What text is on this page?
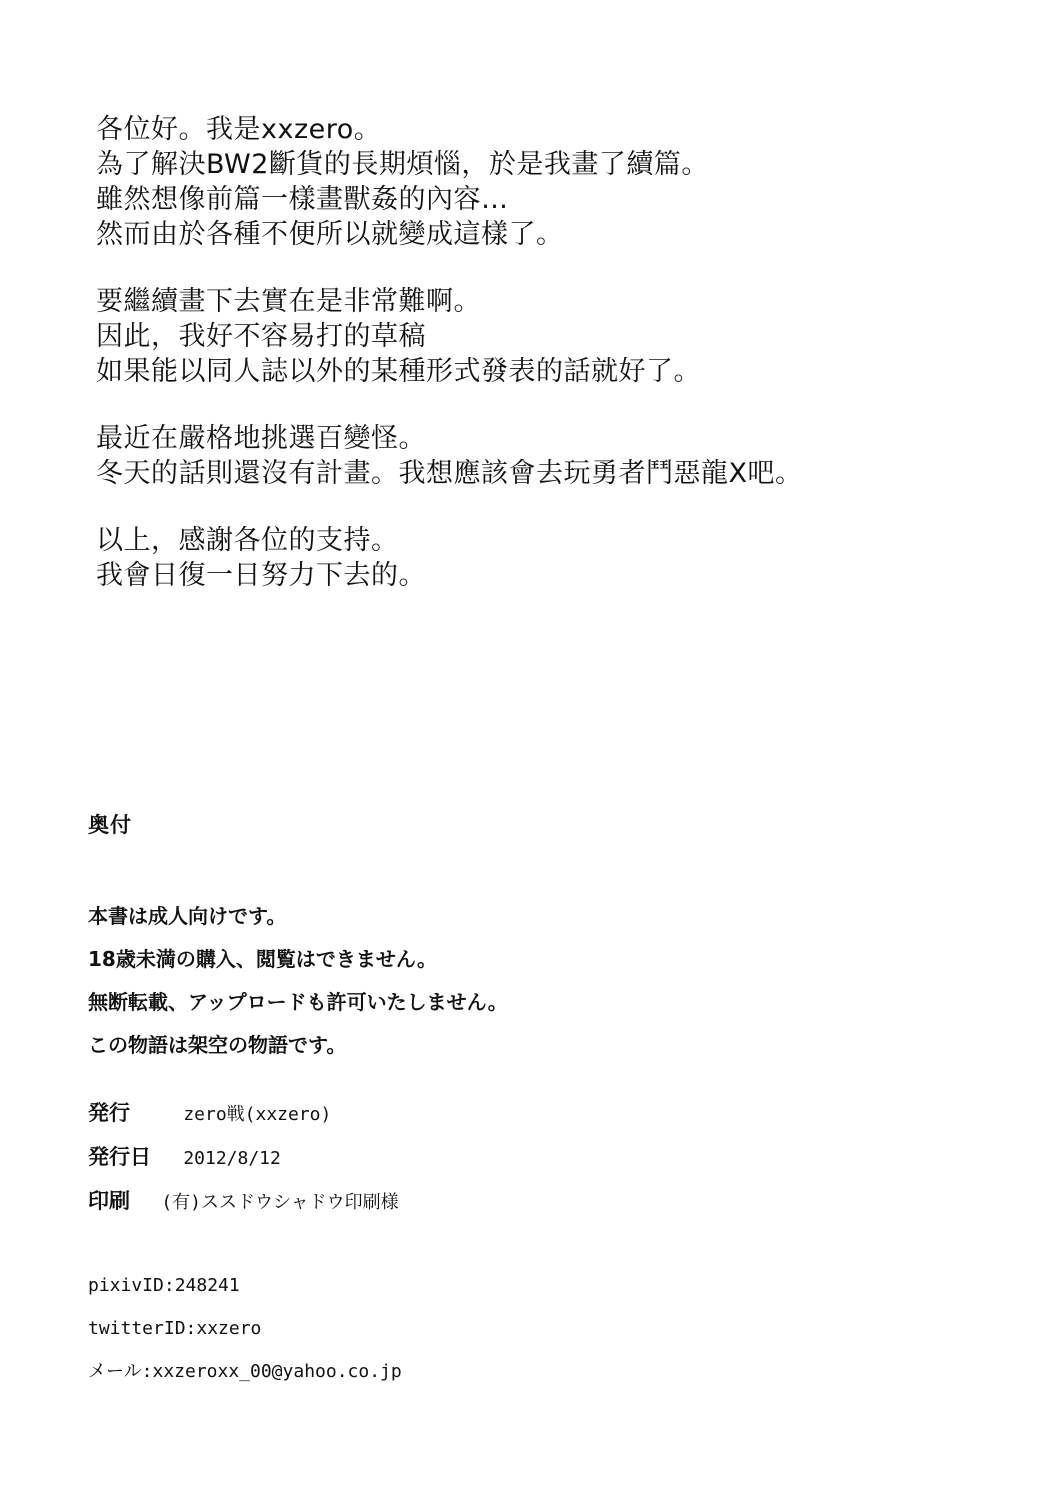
各位好。我是xxzero。
為了解決BW2斷貨的長期煩惱，於是我畫了續篇。
雖然想像前篇一樣畫獸姦的內容…
然而由於各種不便所以就變成這樣了。
要繼續畫下去實在是非常難啊。
因此，我好不容易打的草稿
如果能以同人誌以外的某種形式發表的話就好了。
最近在嚴格地挑選百變怪。
冬天的話則還沒有計畫。我想應該會去玩勇者鬥惡龍X吧。
以上，感謝各位的支持。
我會日復一日努力下去的。
奥付
本書は成人向けです。
18歳未満の購入、閲覧はできません。
無断転載、アップロードも許可いたしません。
この物語は架空の物語です。
発行	zero戦(xxzero)
発行日 2012/8/12
印刷 (有)ススドウシャドウ印刷様
pixivID:248241
twitterID:xxzero
メール:xxzeroxx_00@yahoo.co.jp
